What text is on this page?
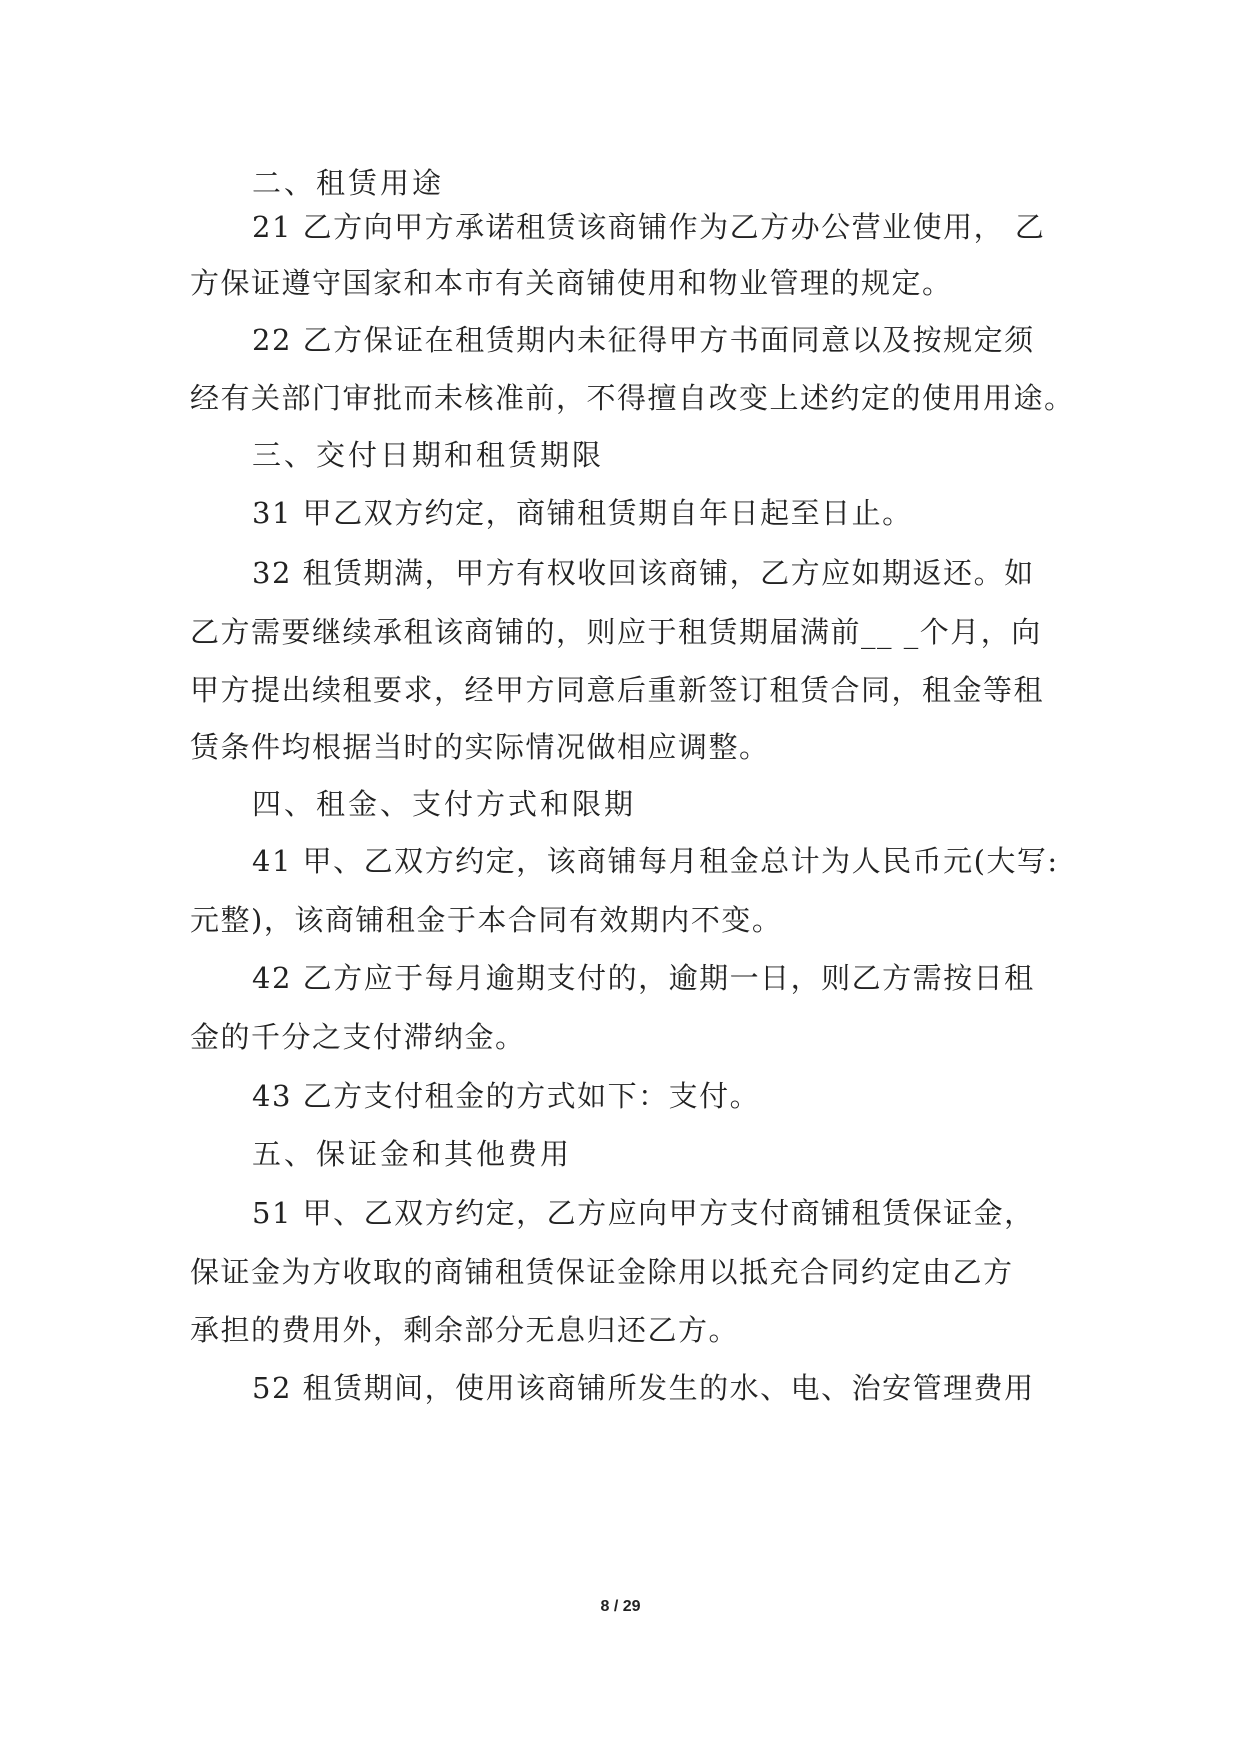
二、租赁用途
21 乙方向甲方承诺租赁该商铺作为乙方办公营业使用， 乙
方保证遵守国家和本市有关商铺使用和物业管理的规定。
22 乙方保证在租赁期内未征得甲方书面同意以及按规定须
经有关部门审批而未核准前，不得擅自改变上述约定的使用用途。
三、交付日期和租赁期限
31 甲乙双方约定，商铺租赁期自年日起至日止。
32 租赁期满，甲方有权收回该商铺，乙方应如期返还。如
乙方需要继续承租该商铺的，则应于租赁期届满前__ _个月，向
甲方提出续租要求，经甲方同意后重新签订租赁合同，租金等租
赁条件均根据当时的实际情况做相应调整。
四、租金、支付方式和限期
41 甲、乙双方约定，该商铺每月租金总计为人民币元(大写:
元整)，该商铺租金于本合同有效期内不变。
42 乙方应于每月逾期支付的，逾期一日，则乙方需按日租
金的千分之支付滞纳金。
43 乙方支付租金的方式如下：支付。
五、保证金和其他费用
51 甲、乙双方约定，乙方应向甲方支付商铺租赁保证金，
保证金为方收取的商铺租赁保证金除用以抵充合同约定由乙方
承担的费用外，剩余部分无息归还乙方。
52 租赁期间，使用该商铺所发生的水、电、治安管理费用
8 / 29
